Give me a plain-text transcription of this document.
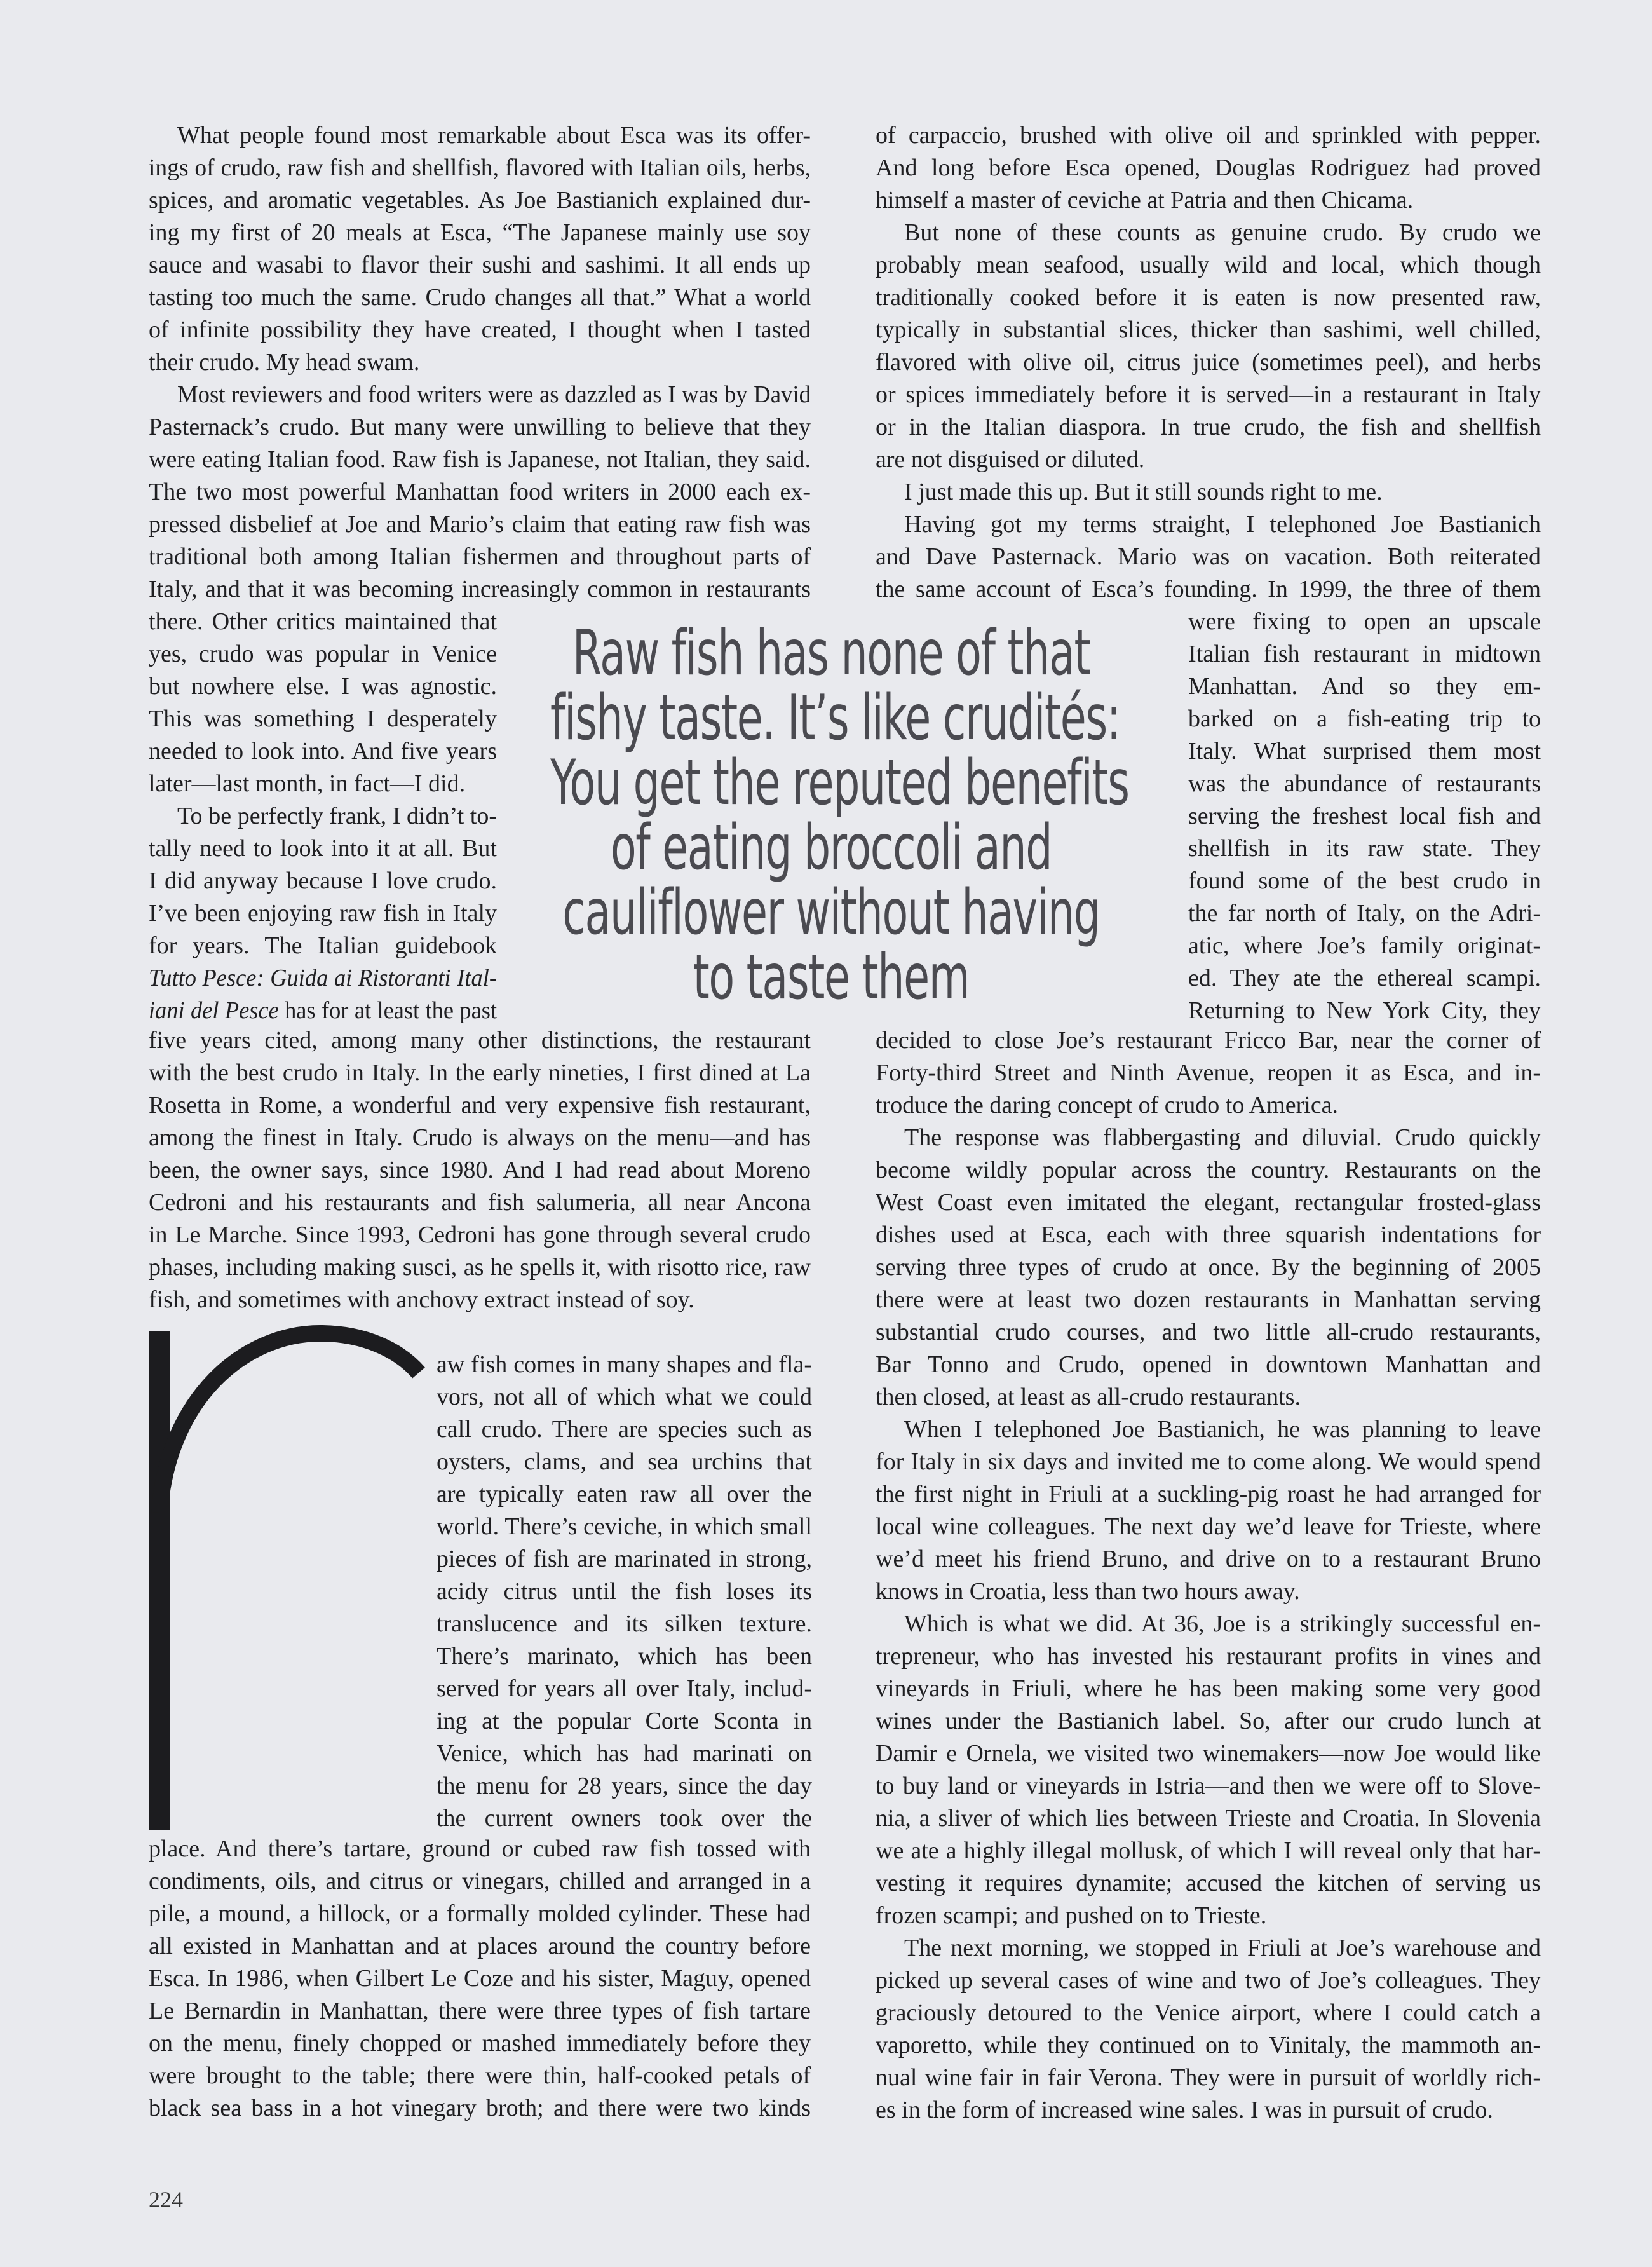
What people found most remarkable about Esca was its offer-
ings of crudo, raw fish and shellfish, flavored with Italian oils, herbs,
spices, and aromatic vegetables. As Joe Bastianich explained dur-
ing my first of 20 meals at Esca, “The Japanese mainly use soy
sauce and wasabi to flavor their sushi and sashimi. It all ends up
tasting too much the same. Crudo changes all that.” What a world
of infinite possibility they have created, I thought when I tasted
their crudo. My head swam.
Most reviewers and food writers were as dazzled as I was by David
Pasternack’s crudo. But many were unwilling to believe that they
were eating Italian food. Raw fish is Japanese, not Italian, they said.
The two most powerful Manhattan food writers in 2000 each ex-
pressed disbelief at Joe and Mario’s claim that eating raw fish was
traditional both among Italian fishermen and throughout parts of
Italy, and that it was becoming increasingly common in restaurants
there. Other critics maintained that
yes, crudo was popular in Venice
but nowhere else. I was agnostic.
This was something I desperately
needed to look into. And five years
later—last month, in fact—I did.
To be perfectly frank, I didn’t to-
tally need to look into it at all. But
I did anyway because I love crudo.
I’ve been enjoying raw fish in Italy
for years. The Italian guidebook
Tutto Pesce: Guida ai Ristoranti Ital-
iani del Pesce has for at least the past
five years cited, among many other distinctions, the restaurant
with the best crudo in Italy. In the early nineties, I first dined at La
Rosetta in Rome, a wonderful and very expensive fish restaurant,
among the finest in Italy. Crudo is always on the menu—and has
been, the owner says, since 1980. And I had read about Moreno
Cedroni and his restaurants and fish salumeria, all near Ancona
in Le Marche. Since 1993, Cedroni has gone through several crudo
phases, including making susci, as he spells it, with risotto rice, raw
fish, and sometimes with anchovy extract instead of soy.
aw fish comes in many shapes and fla-
vors, not all of which what we could
call crudo. There are species such as
oysters, clams, and sea urchins that
are typically eaten raw all over the
world. There’s ceviche, in which small
pieces of fish are marinated in strong,
acidy citrus until the fish loses its
translucence and its silken texture.
There’s marinato, which has been
served for years all over Italy, includ-
ing at the popular Corte Sconta in
Venice, which has had marinati on
the menu for 28 years, since the day
the current owners took over the
place. And there’s tartare, ground or cubed raw fish tossed with
condiments, oils, and citrus or vinegars, chilled and arranged in a
pile, a mound, a hillock, or a formally molded cylinder. These had
all existed in Manhattan and at places around the country before
Esca. In 1986, when Gilbert Le Coze and his sister, Maguy, opened
Le Bernardin in Manhattan, there were three types of fish tartare
on the menu, finely chopped or mashed immediately before they
were brought to the table; there were thin, half-cooked petals of
black sea bass in a hot vinegary broth; and there were two kinds
of carpaccio, brushed with olive oil and sprinkled with pepper.
And long before Esca opened, Douglas Rodriguez had proved
himself a master of ceviche at Patria and then Chicama.
But none of these counts as genuine crudo. By crudo we
probably mean seafood, usually wild and local, which though
traditionally cooked before it is eaten is now presented raw,
typically in substantial slices, thicker than sashimi, well chilled,
flavored with olive oil, citrus juice (sometimes peel), and herbs
or spices immediately before it is served—in a restaurant in Italy
or in the Italian diaspora. In true crudo, the fish and shellfish
are not disguised or diluted.
I just made this up. But it still sounds right to me.
Having got my terms straight, I telephoned Joe Bastianich
and Dave Pasternack. Mario was on vacation. Both reiterated
the same account of Esca’s founding. In 1999, the three of them
were fixing to open an upscale
Italian fish restaurant in midtown
Manhattan. And so they em-
barked on a fish-eating trip to
Italy. What surprised them most
was the abundance of restaurants
serving the freshest local fish and
shellfish in its raw state. They
found some of the best crudo in
the far north of Italy, on the Adri-
atic, where Joe’s family originat-
ed. They ate the ethereal scampi.
Returning to New York City, they
decided to close Joe’s restaurant Fricco Bar, near the corner of
Forty-third Street and Ninth Avenue, reopen it as Esca, and in-
troduce the daring concept of crudo to America.
The response was flabbergasting and diluvial. Crudo quickly
become wildly popular across the country. Restaurants on the
West Coast even imitated the elegant, rectangular frosted-glass
dishes used at Esca, each with three squarish indentations for
serving three types of crudo at once. By the beginning of 2005
there were at least two dozen restaurants in Manhattan serving
substantial crudo courses, and two little all-crudo restaurants,
Bar Tonno and Crudo, opened in downtown Manhattan and
then closed, at least as all-crudo restaurants.
When I telephoned Joe Bastianich, he was planning to leave
for Italy in six days and invited me to come along. We would spend
the first night in Friuli at a suckling-pig roast he had arranged for
local wine colleagues. The next day we’d leave for Trieste, where
we’d meet his friend Bruno, and drive on to a restaurant Bruno
knows in Croatia, less than two hours away.
Which is what we did. At 36, Joe is a strikingly successful en-
trepreneur, who has invested his restaurant profits in vines and
vineyards in Friuli, where he has been making some very good
wines under the Bastianich label. So, after our crudo lunch at
Damir e Ornela, we visited two winemakers—now Joe would like
to buy land or vineyards in Istria—and then we were off to Slove-
nia, a sliver of which lies between Trieste and Croatia. In Slovenia
we ate a highly illegal mollusk, of which I will reveal only that har-
vesting it requires dynamite; accused the kitchen of serving us
frozen scampi; and pushed on to Trieste.
The next morning, we stopped in Friuli at Joe’s warehouse and
picked up several cases of wine and two of Joe’s colleagues. They
graciously detoured to the Venice airport, where I could catch a
vaporetto, while they continued on to Vinitaly, the mammoth an-
nual wine fair in fair Verona. They were in pursuit of worldly rich-
es in the form of increased wine sales. I was in pursuit of crudo.
Raw fish has none of that
fishy taste. It’s like crudités:
You get the reputed benefits
of eating broccoli and
cauliflower without having
to taste them
224
